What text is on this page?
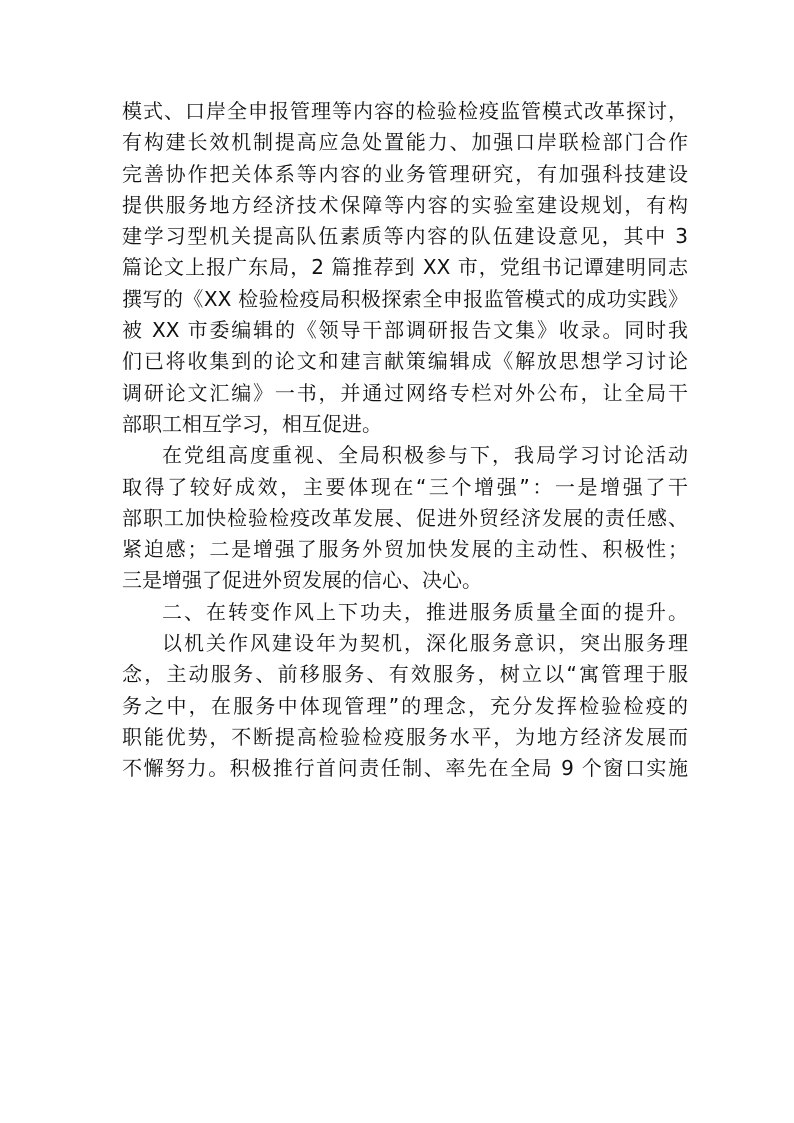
模式、口岸全申报管理等内容的检验检疫监管模式改革探讨，
有构建长效机制提高应急处置能力、加强口岸联检部门合作
完善协作把关体系等内容的业务管理研究，有加强科技建设
提供服务地方经济技术保障等内容的实验室建设规划，有构
建学习型机关提高队伍素质等内容的队伍建设意见，其中 3
篇论文上报广东局，2 篇推荐到 XX 市，党组书记谭建明同志
撰写的《XX 检验检疫局积极探索全申报监管模式的成功实践》
被 XX 市委编辑的《领导干部调研报告文集》收录。同时我
们已将收集到的论文和建言献策编辑成《解放思想学习讨论
调研论文汇编》一书，并通过网络专栏对外公布，让全局干
部职工相互学习，相互促进。
在党组高度重视、全局积极参与下，我局学习讨论活动
取得了较好成效，主要体现在“三个增强”：一是增强了干
部职工加快检验检疫改革发展、促进外贸经济发展的责任感、
紧迫感；二是增强了服务外贸加快发展的主动性、积极性；
三是增强了促进外贸发展的信心、决心。
二、在转变作风上下功夫，推进服务质量全面的提升。
以机关作风建设年为契机，深化服务意识，突出服务理
念，主动服务、前移服务、有效服务，树立以“寓管理于服
务之中，在服务中体现管理”的理念，充分发挥检验检疫的
职能优势，不断提高检验检疫服务水平，为地方经济发展而
不懈努力。积极推行首问责任制、率先在全局 9 个窗口实施
